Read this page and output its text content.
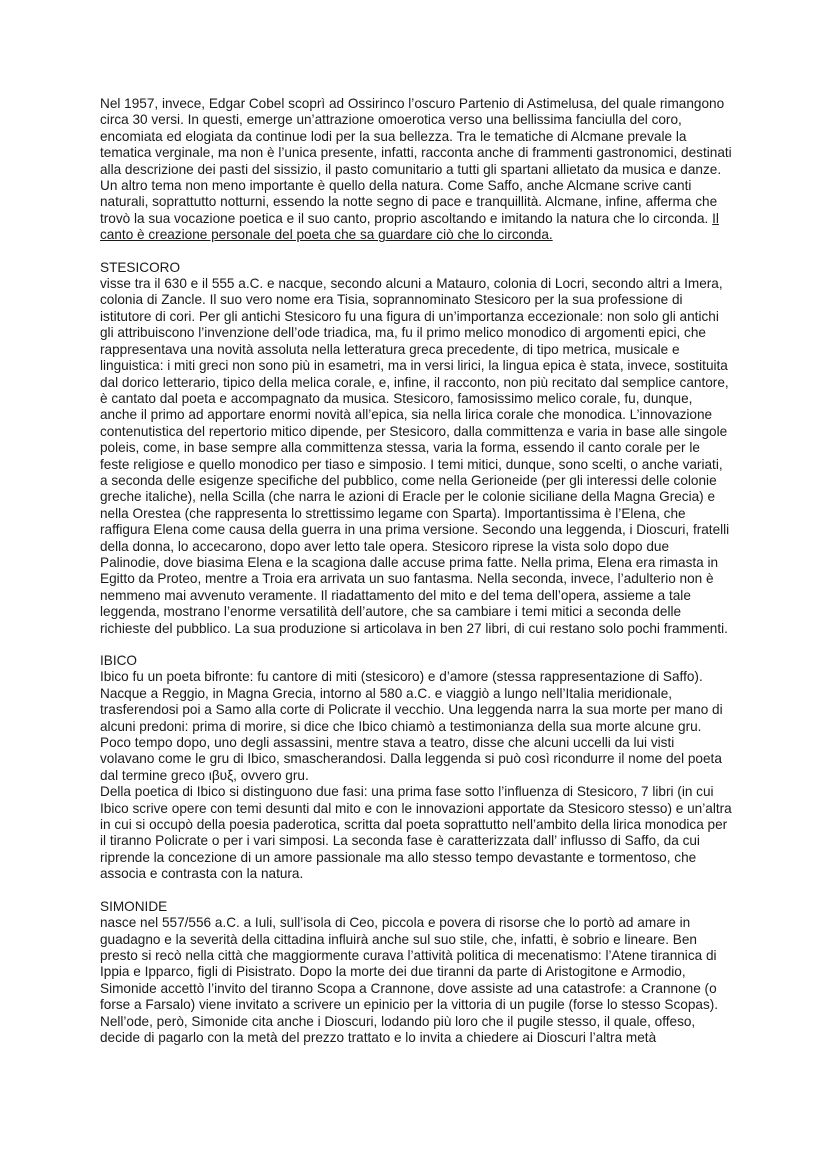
Nel 1957, invece, Edgar Cobel scoprì ad Ossirinco l’oscuro Partenio di Astimelusa, del quale rimangono circa 30 versi. In questi, emerge un’attrazione omoerotica verso una bellissima fanciulla del coro, encomiata ed elogiata da continue lodi per la sua bellezza. Tra le tematiche di Alcmane prevale la tematica verginale, ma non è l’unica presente, infatti, racconta anche di frammenti gastronomici, destinati alla descrizione dei pasti del sissizio, il pasto comunitario a tutti gli spartani allietato da musica e danze. Un altro tema non meno importante è quello della natura. Come Saffo, anche Alcmane scrive canti naturali, soprattutto notturni, essendo la notte segno di pace e tranquillità. Alcmane, infine, afferma che trovò la sua vocazione poetica e il suo canto, proprio ascoltando e imitando la natura che lo circonda. Il canto è creazione personale del poeta che sa guardare ciò che lo circonda.

STESICORO

visse tra il 630 e il 555 a.C. e nacque, secondo alcuni a Matauro, colonia di Locri, secondo altri a Imera, colonia di Zancle. Il suo vero nome era Tisia, soprannominato Stesicoro per la sua professione di istitutore di cori. Per gli antichi Stesicoro fu una figura di un’importanza eccezionale: non solo gli antichi gli attribuiscono l’invenzione dell’ode triadica, ma, fu il primo melico monodico di argomenti epici, che rappresentava una novità assoluta nella letteratura greca precedente, di tipo metrica, musicale e linguistica: i miti greci non sono più in esametri, ma in versi lirici, la lingua epica è stata, invece, sostituita dal dorico letterario, tipico della melica corale, e, infine, il racconto, non più recitato dal semplice cantore, è cantato dal poeta e accompagnato da musica. Stesicoro, famosissimo melico corale, fu, dunque, anche il primo ad apportare enormi novità all’epica, sia nella lirica corale che monodica. L’innovazione contenutistica del repertorio mitico dipende, per Stesicoro, dalla committenza e varia in base alle singole poleis, come, in base sempre alla committenza stessa, varia la forma, essendo il canto corale per le feste religiose e quello monodico per tiaso e simposio. I temi mitici, dunque, sono scelti, o anche variati, a seconda delle esigenze specifiche del pubblico, come nella Gerioneide (per gli interessi delle colonie greche italiche), nella Scilla (che narra le azioni di Eracle per le colonie siciliane della Magna Grecia) e nella Orestea (che rappresenta lo strettissimo legame con Sparta). Importantissima è l’Elena, che raffigura Elena come causa della guerra in una prima versione. Secondo una leggenda, i Dioscuri, fratelli della donna, lo accecarono, dopo aver letto tale opera. Stesicoro riprese la vista solo dopo due Palinodie, dove biasima Elena e la scagiona dalle accuse prima fatte. Nella prima, Elena era rimasta in Egitto da Proteo, mentre a Troia era arrivata un suo fantasma. Nella seconda, invece, l’adulterio non è nemmeno mai avvenuto veramente. Il riadattamento del mito e del tema dell’opera, assieme a tale leggenda, mostrano l’enorme versatilità dell’autore, che sa cambiare i temi mitici a seconda delle richieste del pubblico. La sua produzione si articolava in ben 27 libri, di cui restano solo pochi frammenti.

IBICO

Ibico fu un poeta bifronte: fu cantore di miti (stesicoro) e d’amore (stessa rappresentazione di Saffo). Nacque a Reggio, in Magna Grecia, intorno al 580 a.C. e viaggiò a lungo nell’Italia meridionale, trasferendosi poi a Samo alla corte di Policrate il vecchio. Una leggenda narra la sua morte per mano di alcuni predoni: prima di morire, si dice che Ibico chiamò a testimonianza della sua morte alcune gru. Poco tempo dopo, uno degli assassini, mentre stava a teatro, disse che alcuni uccelli da lui visti volavano come le gru di Ibico, smascherandosi. Dalla leggenda si può così ricondurre il nome del poeta dal termine greco ιβυξ, ovvero gru.

Della poetica di Ibico si distinguono due fasi: una prima fase sotto l’influenza di Stesicoro, 7 libri (in cui Ibico scrive opere con temi desunti dal mito e con le innovazioni apportate da Stesicoro stesso) e un’altra in cui si occupò della poesia paderotica, scritta dal poeta soprattutto nell’ambito della lirica monodica per il tiranno Policrate o per i vari simposi. La seconda fase è caratterizzata dall’ influsso di Saffo, da cui riprende la concezione di un amore passionale ma allo stesso tempo devastante e tormentoso, che associa e contrasta con la natura.

SIMONIDE

nasce nel 557/556 a.C. a Iuli, sull’isola di Ceo, piccola e povera di risorse che lo portò ad amare in guadagno e la severità della cittadina influirà anche sul suo stile, che, infatti, è sobrio e lineare. Ben presto si recò nella città che maggiormente curava l’attività politica di mecenatismo: l’Atene tirannica di Ippia e Ipparco, figli di Pisistrato. Dopo la morte dei due tiranni da parte di Aristogitone e Armodio, Simonide accettò l’invito del tiranno Scopa a Crannone, dove assiste ad una catastrofe: a Crannone (o forse a Farsalo) viene invitato a scrivere un epinicio per la vittoria di un pugile (forse lo stesso Scopas). Nell’ode, però, Simonide cita anche i Dioscuri, lodando più loro che il pugile stesso, il quale, offeso, decide di pagarlo con la metà del prezzo trattato e lo invita a chiedere ai Dioscuri l’altra metà
